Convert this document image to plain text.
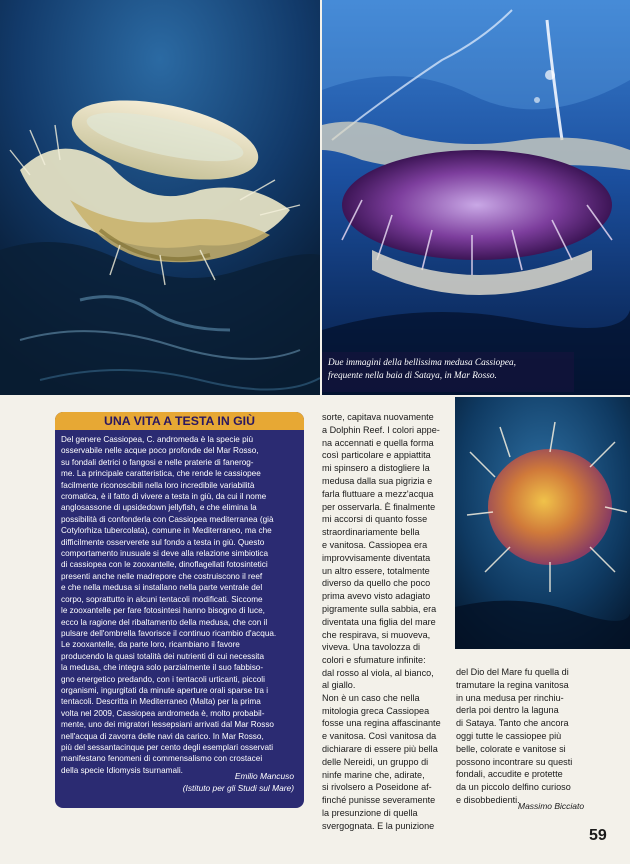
Due immagini della bellissima medusa Cassiopea,
frequente nella baia di Sataya, in Mar Rosso.
UNA VITA A TESTA IN GIÙ
Del genere Cassiopea, C. andromeda è la specie più
osservabile nelle acque poco profonde del Mar Rosso,
su fondali detrici o fangosi e nelle praterie di fanerog-
me. La principale caratteristica, che rende le cassiopee
facilmente riconoscibili nella loro incredibile variabilità
cromatica, è il fatto di vivere a testa in giù, da cui il nome
anglosassone di upsidedown jellyfish, e che elimina la
possibilità di confonderla con Cassiopea mediterranea (già
Cotylorhiza tubercolata), comune in Mediterraneo, ma che
difficilmente osserverete sul fondo a testa in giù. Questo
comportamento inusuale si deve alla relazione simbiotica
di cassiopea con le zooxantelle, dinoflagellati fotosintetici
presenti anche nelle madrepore che costruiscono il reef
e che nella medusa si installano nella parte ventrale del
corpo, soprattutto in alcuni tentacoli modificati. Siccome
le zooxantelle per fare fotosintesi hanno bisogno di luce,
ecco la ragione del ribaltamento della medusa, che con il
pulsare dell'ombrella favorisce il continuo ricambio d'acqua.
Le zooxantelle, da parte loro, ricambiano il favore
producendo la quasi totalità dei nutrienti di cui necessita
la medusa, che integra solo parzialmente il suo fabbiso-
gno energetico predando, con i tentacoli urticanti, piccoli
organismi, ingurgitati da minute aperture orali sparse tra i
tentacoli. Descritta in Mediterraneo (Malta) per la prima
volta nel 2009, Cassiopea andromeda è, molto probabil-
mente, uno dei migratori lessepsiani arrivati dal Mar Rosso
nell'acqua di zavorra delle navi da carico. In Mar Rosso,
più del sessantacinque per cento degli esemplari osservati
manifestano fenomeni di commensalismo con crostacei
della specie Idiomysis tsurnamali.
Emilio Mancuso
(Istituto per gli Studi sul Mare)
sorte, capitava nuovamente
a Dolphin Reef. I colori appe-
na accennati e quella forma
così particolare e appiattita
mi spinsero a distogliere la
medusa dalla sua pigrizia e
farla fluttuare a mezz'acqua
per osservarla. È finalmente
mi accorsi di quanto fosse
straordinariamente bella
e vanitosa. Cassiopea era
improvvisamente diventata
un altro essere, totalmente
diverso da quello che poco
prima avevo visto adagiato
pigramente sulla sabbia, era
diventata una figlia del mare
che respirava, si muoveva,
viveva. Una tavolozza di
colori e sfumature infinite:
dal rosso al viola, al bianco,
al giallo.
Non è un caso che nella
mitologia greca Cassiopea
fosse una regina affascinante
e vanitosa. Così vanitosa da
dichiarare di essere più bella
delle Nereidi, un gruppo di
ninfe marine che, adirate,
si rivolsero a Poseidone af-
finché punisse severamente
la presunzione di quella
svergognata. E la punizione
del Dio del Mare fu quella di
tramutare la regina vanitosa
in una medusa per rinchiu-
derla poi dentro la laguna
di Sataya. Tanto che ancora
oggi tutte le cassiopee più
belle, colorate e vanitose si
possono incontrare su questi
fondali, accudite e protette
da un piccolo delfino curioso
e disobbedienti.
Massimo Bicciato
59
